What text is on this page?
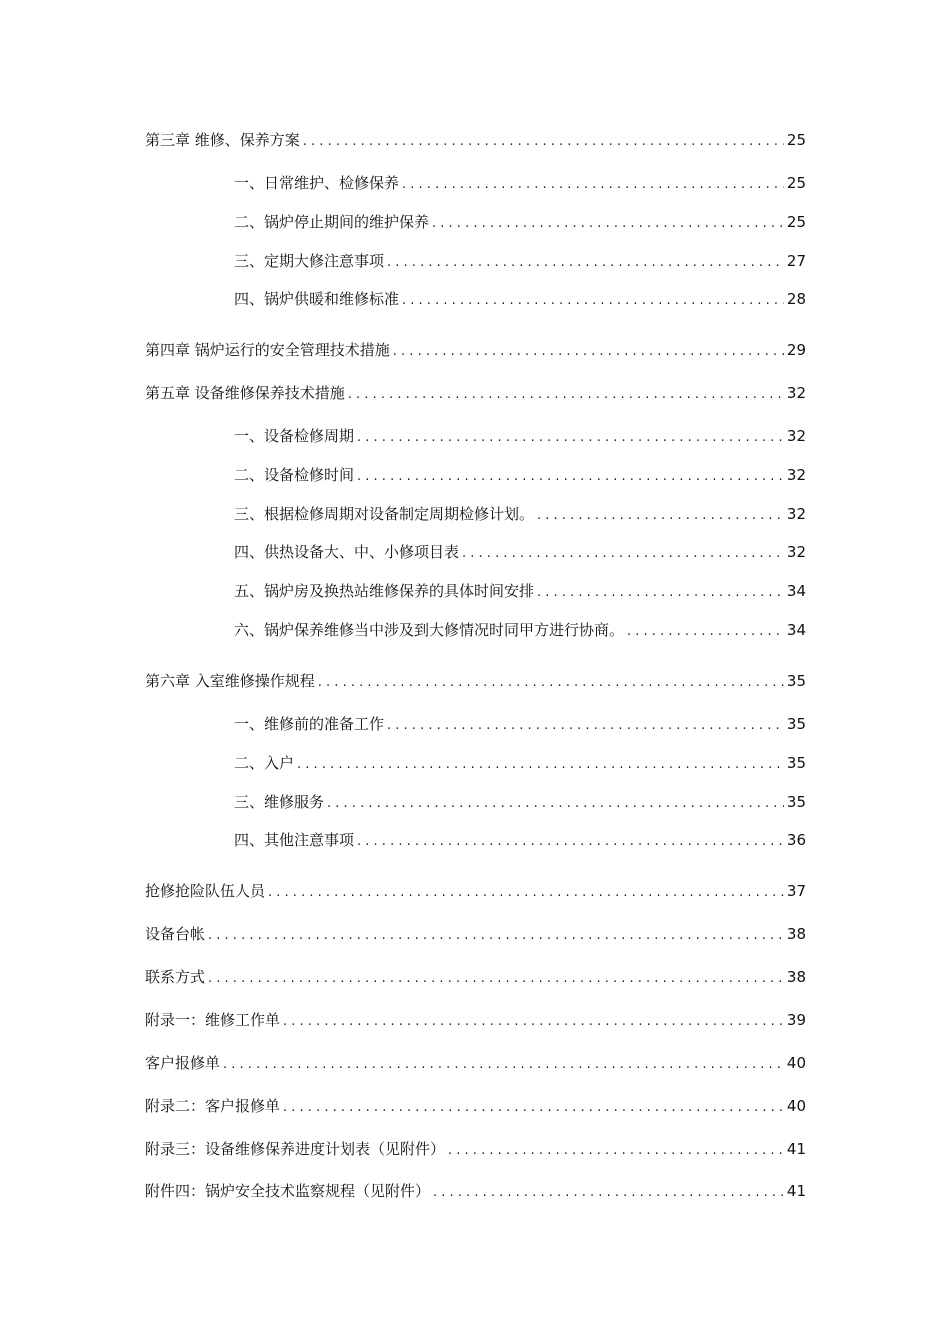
第三章 维修、保养方案 . . .	25
一、日常维护、检修保养 . . .	25
二、锅炉停止期间的维护保养 . . .	25
三、定期大修注意事项 . . .	27
四、锅炉供暖和维修标准 . . .	28
第四章 锅炉运行的安全管理技术措施 . . .	29
第五章 设备维修保养技术措施 . . .	32
一、设备检修周期 . . .	32
二、设备检修时间 . . .	32
三、根据检修周期对设备制定周期检修计划。 . . .	32
四、供热设备大、中、小修项目表 . . .	32
五、锅炉房及换热站维修保养的具体时间安排 . . .	34
六、锅炉保养维修当中涉及到大修情况时同甲方进行协商。 . . .	34
第六章 入室维修操作规程 . . .	35
一、维修前的准备工作 . . .	35
二、入户 . . .	35
三、维修服务 . . .	35
四、其他注意事项 . . .	36
抢修抢险队伍人员 . . .	37
设备台帐 . . .	38
联系方式 . . .	38
附录一：维修工作单 . . .	39
客户报修单 . . .	40
附录二：客户报修单 . . .	40
附录三：设备维修保养进度计划表（见附件） . . .	41
附件四：锅炉安全技术监察规程（见附件） . . .	41
